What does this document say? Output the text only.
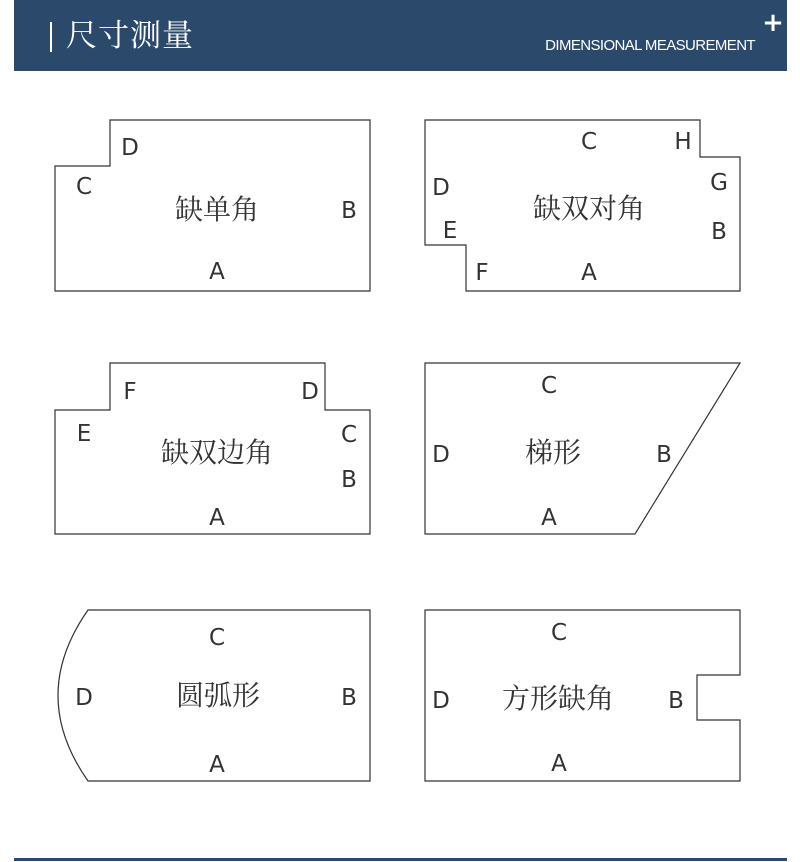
尺寸测量	+
DIMENSIONAL MEASUREMENT
D
C
B
A
缺单角
C	H
G
D
B
E
F	A
缺双对角
F	D
E	C
B
A
缺双边角
C
D	B
A
梯形
C
D	B
A
圆弧形
C
D	B
A
方形缺角
